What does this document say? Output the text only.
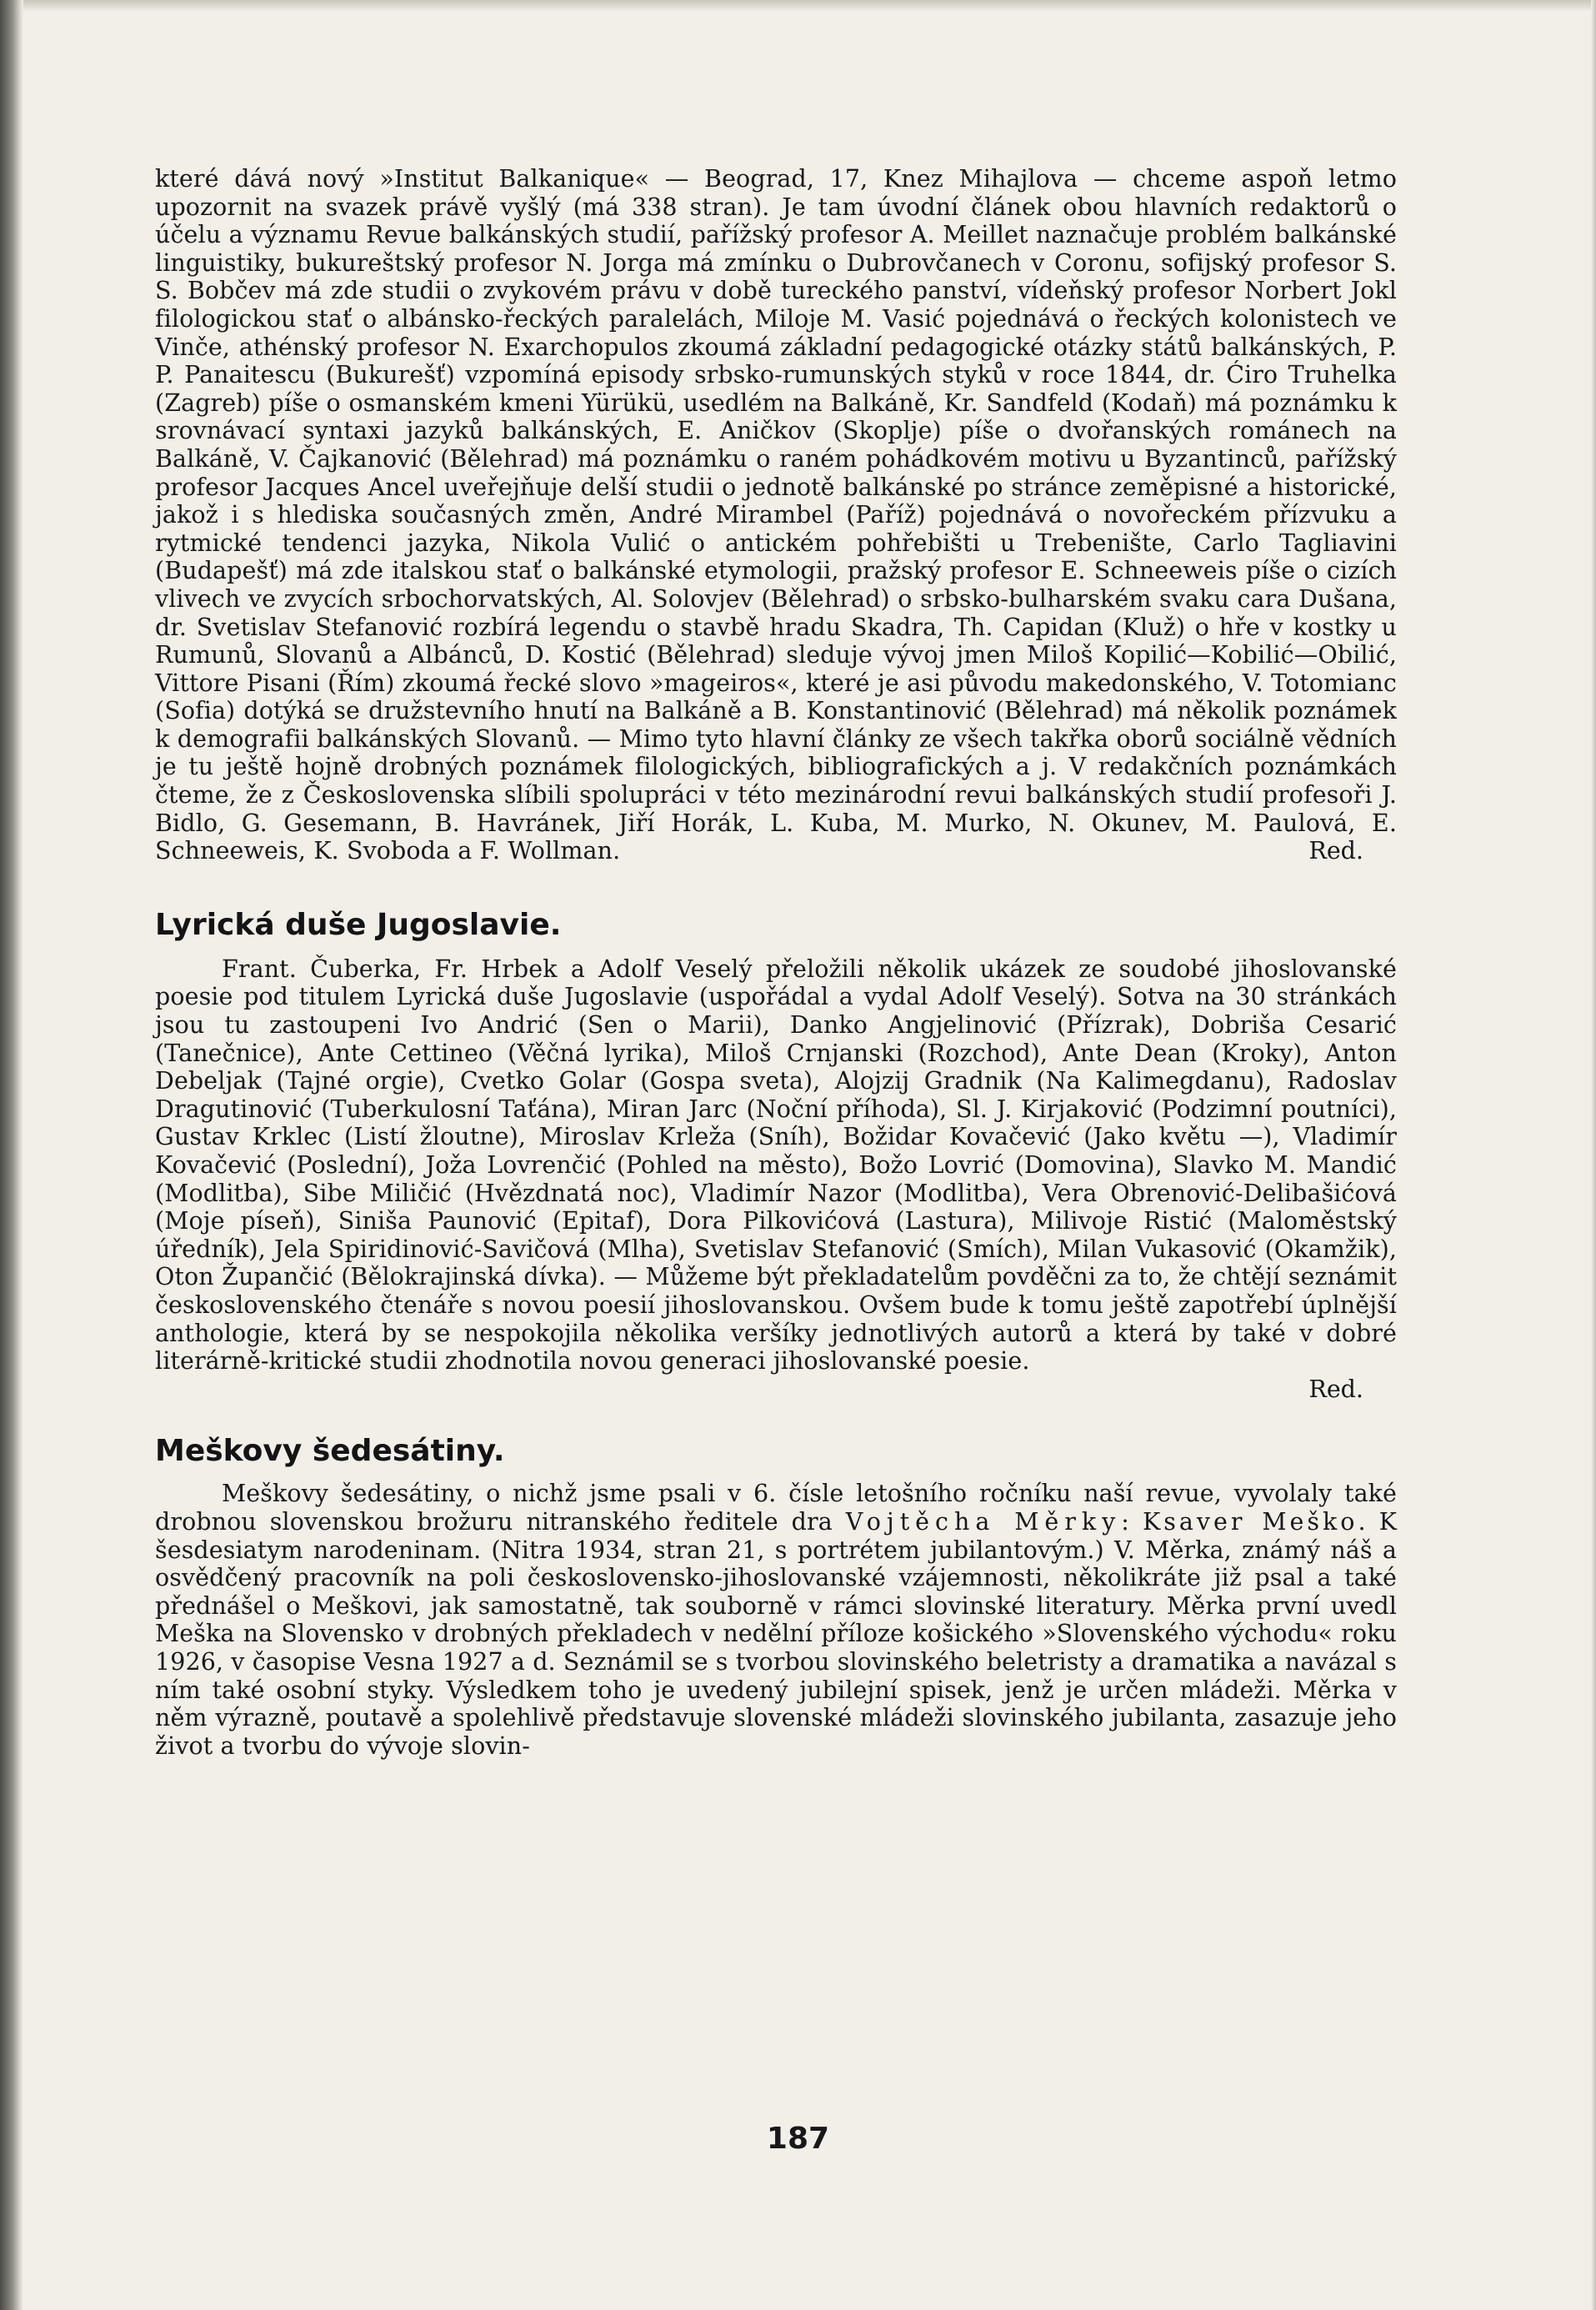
které dává nový »Institut Balkanique« — Beograd, 17, Knez Mihajlova — chceme aspoň letmo upozornit na svazek právě vyšlý (má 338 stran). Je tam úvodní článek obou hlavních redaktorů o účelu a významu Revue balkánských studií, pařížský profesor A. Meillet naznačuje problém balkánské linguistiky, bukureštský profesor N. Jorga má zmínku o Dubrovčanech v Coronu, sofijský profesor S. S. Bobčev má zde studii o zvykovém právu v době tureckého panství, vídeňský profesor Norbert Jokl filologickou stať o albánsko-řeckých paralelách, Miloje M. Vasić pojednává o řeckých kolonistech ve Vinče, athénský profesor N. Exarchopulos zkoumá základní pedagogické otázky států balkánských, P. P. Panaitescu (Bukurešť) vzpomíná episody srbsko-rumunských styků v roce 1844, dr. Ćiro Truhelka (Zagreb) píše o osmanském kmeni Yürükü, usedlém na Balkáně, Kr. Sandfeld (Kodaň) má poznámku k srovnávací syntaxi jazyků balkánských, E. Aničkov (Skoplje) píše o dvořanských románech na Balkáně, V. Čajkanović (Bělehrad) má poznámku o raném pohádkovém motivu u Byzantinců, pařížský profesor Jacques Ancel uveřejňuje delší studii o jednotě balkánské po stránce zeměpisné a historické, jakož i s hlediska současných změn, André Mirambel (Paříž) pojednává o novořeckém přízvuku a rytmické tendenci jazyka, Nikola Vulić o antickém pohřebišti u Trebenište, Carlo Tagliavini (Budapešť) má zde italskou stať o balkánské etymologii, pražský profesor E. Schneeweis píše o cizích vlivech ve zvycích srbochorvatských, Al. Solovjev (Bělehrad) o srbsko-bulharském svaku cara Dušana, dr. Svetislav Stefanović rozbírá legendu o stavbě hradu Skadra, Th. Capidan (Kluž) o hře v kostky u Rumunů, Slovanů a Albánců, D. Kostić (Bělehrad) sleduje vývoj jmen Miloš Kopilić—Kobilić—Obilić, Vittore Pisani (Řím) zkoumá řecké slovo »mageiros«, které je asi původu makedonského, V. Totomianc (Sofia) dotýká se družstevního hnutí na Balkáně a B. Konstantinović (Bělehrad) má několik poznámek k demografii balkánských Slovanů. — Mimo tyto hlavní články ze všech takřka oborů sociálně vědních je tu ještě hojně drobných poznámek filologických, bibliografických a j. V redakčních poznámkách čteme, že z Československa slíbili spolupráci v této mezinárodní revui balkánských studií profesoři J. Bidlo, G. Gesemann, B. Havránek, Jiří Horák, L. Kuba, M. Murko, N. Okunev, M. Paulová, E. Schneeweis, K. Svoboda a F. Wollman.	Red.

Lyrická duše Jugoslavie.

Frant. Čuberka, Fr. Hrbek a Adolf Veselý přeložili několik ukázek ze soudobé jihoslovanské poesie pod titulem Lyrická duše Jugoslavie (uspořádal a vydal Adolf Veselý). Sotva na 30 stránkách jsou tu zastoupeni Ivo Andrić (Sen o Marii), Danko Angjelinović (Přízrak), Dobriša Cesarić (Tanečnice), Ante Cettineo (Věčná lyrika), Miloš Crnjanski (Rozchod), Ante Dean (Kroky), Anton Debeljak (Tajné orgie), Cvetko Golar (Gospa sveta), Alojzij Gradnik (Na Kalimegdanu), Radoslav Dragutinović (Tuberkulosní Taťána), Miran Jarc (Noční příhoda), Sl. J. Kirjaković (Podzimní poutníci), Gustav Krklec (Listí žloutne), Miroslav Krleža (Sníh), Božidar Kovačević (Jako květu —), Vladimír Kovačević (Poslední), Joža Lovrenčić (Pohled na město), Božo Lovrić (Domovina), Slavko M. Mandić (Modlitba), Sibe Miličić (Hvězdnatá noc), Vladimír Nazor (Modlitba), Vera Obrenović-Delibašićová (Moje píseň), Siniša Paunović (Epitaf), Dora Pilkovićová (Lastura), Milivoje Ristić (Maloměstský úředník), Jela Spiridinović-Savičová (Mlha), Svetislav Stefanović (Smích), Milan Vukasović (Okamžik), Oton Župančić (Bělokrajinská dívka). — Můžeme být překladatelům povděčni za to, že chtějí seznámit československého čtenáře s novou poesií jihoslovanskou. Ovšem bude k tomu ještě zapotřebí úplnější anthologie, která by se nespokojila několika veršíky jednotlivých autorů a která by také v dobré literárně-kritické studii zhodnotila novou generaci jihoslovanské poesie.

Red.

Meškovy šedesátiny.

Meškovy šedesátiny, o nichž jsme psali v 6. čísle letošního ročníku naší revue, vyvolaly také drobnou slovenskou brožuru nitranského ředitele dra Vojtěcha Měrky: Ksaver Meško. K šesdesiatym narodeninam. (Nitra 1934, stran 21, s portrétem jubilantovým.) V. Měrka, známý náš a osvědčený pracovník na poli československo-jihoslovanské vzájemnosti, několikráte již psal a také přednášel o Meškovi, jak samostatně, tak souborně v rámci slovinské literatury. Měrka první uvedl Meška na Slovensko v drobných překladech v nedělní příloze košického »Slovenského východu« roku 1926, v časopise Vesna 1927 a d. Seznámil se s tvorbou slovinského beletristy a dramatika a navázal s ním také osobní styky. Výsledkem toho je uvedený jubilejní spisek, jenž je určen mládeži. Měrka v něm výrazně, poutavě a spolehlivě představuje slovenské mládeži slovinského jubilanta, zasazuje jeho život a tvorbu do vývoje slovin-

187
